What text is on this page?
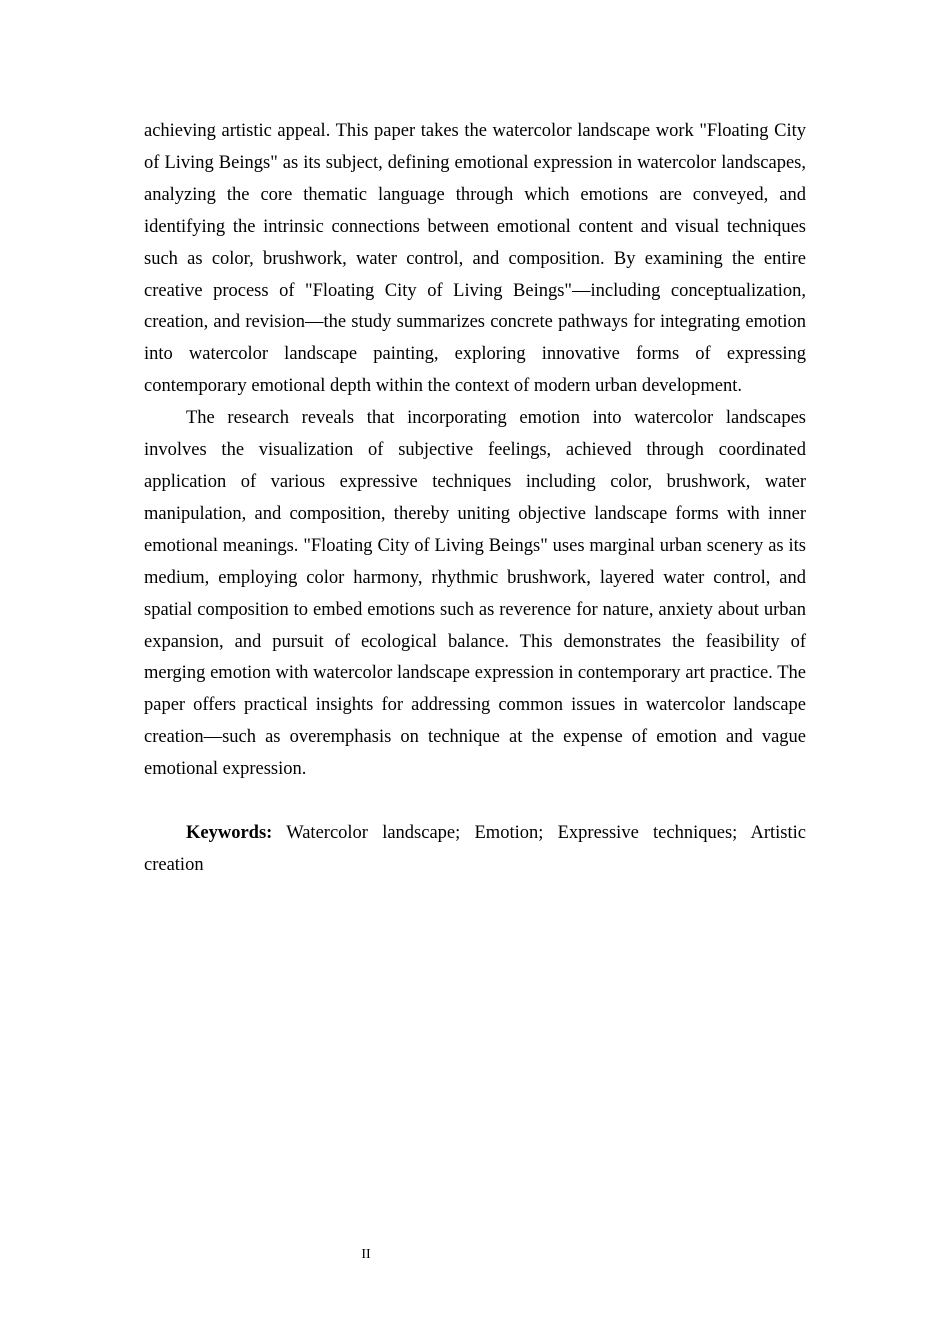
achieving artistic appeal. This paper takes the watercolor landscape work "Floating City of Living Beings" as its subject, defining emotional expression in watercolor landscapes, analyzing the core thematic language through which emotions are conveyed, and identifying the intrinsic connections between emotional content and visual techniques such as color, brushwork, water control, and composition. By examining the entire creative process of "Floating City of Living Beings"—including conceptualization, creation, and revision—the study summarizes concrete pathways for integrating emotion into watercolor landscape painting, exploring innovative forms of expressing contemporary emotional depth within the context of modern urban development.

The research reveals that incorporating emotion into watercolor landscapes involves the visualization of subjective feelings, achieved through coordinated application of various expressive techniques including color, brushwork, water manipulation, and composition, thereby uniting objective landscape forms with inner emotional meanings. "Floating City of Living Beings" uses marginal urban scenery as its medium, employing color harmony, rhythmic brushwork, layered water control, and spatial composition to embed emotions such as reverence for nature, anxiety about urban expansion, and pursuit of ecological balance. This demonstrates the feasibility of merging emotion with watercolor landscape expression in contemporary art practice. The paper offers practical insights for addressing common issues in watercolor landscape creation—such as overemphasis on technique at the expense of emotion and vague emotional expression.

Keywords: Watercolor landscape; Emotion; Expressive techniques; Artistic creation

II
